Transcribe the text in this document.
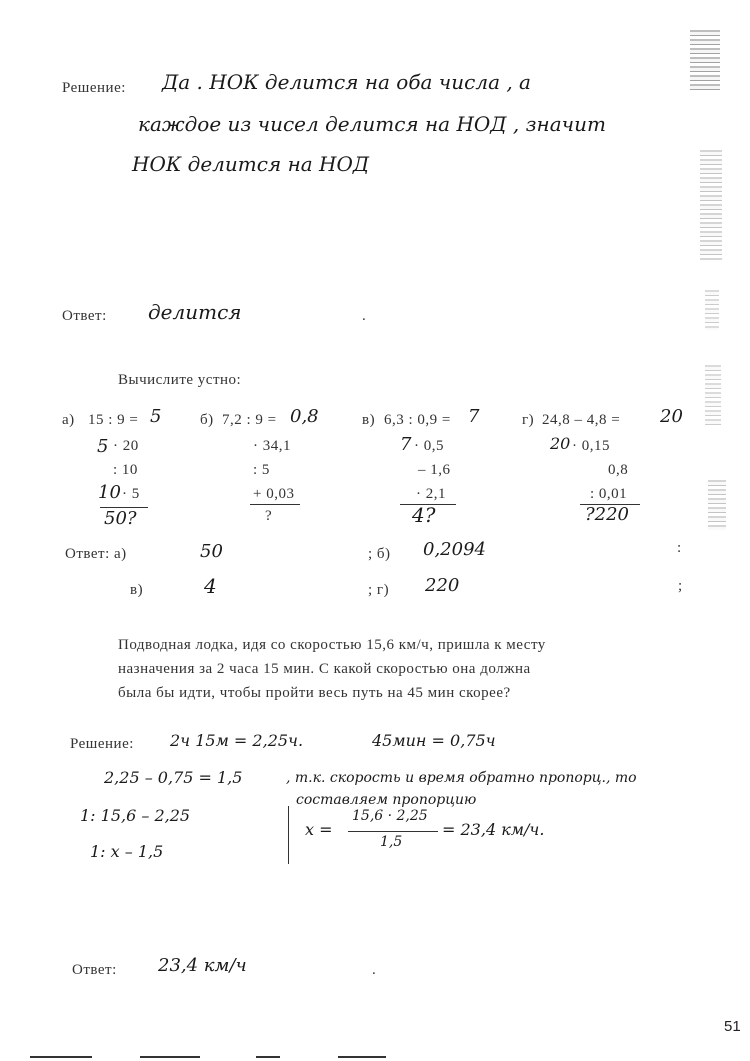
Решение: Да . НОК делится на оба числа , а
каждое из чисел делится на НОД , значит
НОК делится на НОД
Ответ: делится
Вычислите устно:
а) 15 : 9 = 5
5 · 20
: 10
10 · 5
50?
б) 7,2 : 9 = 0,8
· 34,1
: 5
+ 0,03
?
в) 6,3 : 0,9 = 7
7 · 0,5
– 1,6
· 2,1
4?
г) 24,8 – 4,8 = 20
20 · 0,15
0,8
: 0,01
?220
Ответ: а)	50	; б) 0,2094
в)	4	; г) 220
Подводная лодка, идя со скоростью 15,6 км/ч, пришла к месту
назначения за 2 часа 15 мин. С какой скоростью она должна
была бы идти, чтобы пройти весь путь на 45 мин скорее?
Решение: 2ч 15м = 2,25ч.	45мин = 0,75ч
2,25 – 0,75 = 1,5	, т.к. скорость и время обратно пропорц., то
составляем пропорцию
1: 15,6 – 2,25
1: x – 1,5
x =
15,6 · 2,25
1,5
= 23,4 км/ч.
Ответ: 23,4 км/ч
.
:
;
.
51
